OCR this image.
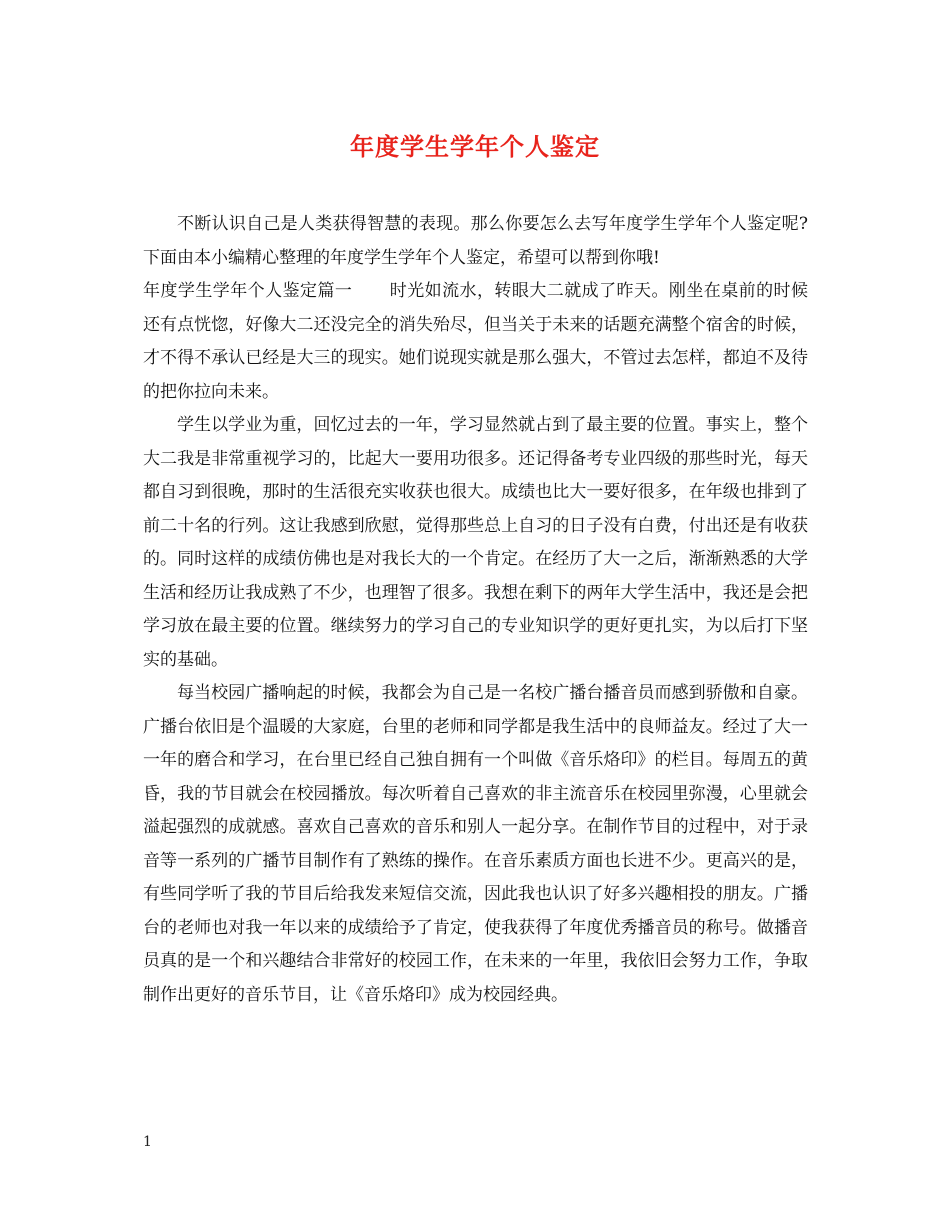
年度学生学年个人鉴定

不断认识自己是人类获得智慧的表现。那么你要怎么去写年度学生学年个人鉴定呢?下面由本小编精心整理的年度学生学年个人鉴定，希望可以帮到你哦!

年度学生学年个人鉴定篇一 时光如流水，转眼大二就成了昨天。刚坐在桌前的时候还有点恍惚，好像大二还没完全的消失殆尽，但当关于未来的话题充满整个宿舍的时候，才不得不承认已经是大三的现实。她们说现实就是那么强大，不管过去怎样，都迫不及待的把你拉向未来。

学生以学业为重，回忆过去的一年，学习显然就占到了最主要的位置。事实上，整个大二我是非常重视学习的，比起大一要用功很多。还记得备考专业四级的那些时光，每天都自习到很晚，那时的生活很充实收获也很大。成绩也比大一要好很多，在年级也排到了前二十名的行列。这让我感到欣慰，觉得那些总上自习的日子没有白费，付出还是有收获的。同时这样的成绩仿佛也是对我长大的一个肯定。在经历了大一之后，渐渐熟悉的大学生活和经历让我成熟了不少，也理智了很多。我想在剩下的两年大学生活中，我还是会把学习放在最主要的位置。继续努力的学习自己的专业知识学的更好更扎实，为以后打下坚实的基础。

每当校园广播响起的时候，我都会为自己是一名校广播台播音员而感到骄傲和自豪。广播台依旧是个温暖的大家庭，台里的老师和同学都是我生活中的良师益友。经过了大一一年的磨合和学习，在台里已经自己独自拥有一个叫做《音乐烙印》的栏目。每周五的黄昏，我的节目就会在校园播放。每次听着自己喜欢的非主流音乐在校园里弥漫，心里就会溢起强烈的成就感。喜欢自己喜欢的音乐和别人一起分享。在制作节目的过程中，对于录音等一系列的广播节目制作有了熟练的操作。在音乐素质方面也长进不少。更高兴的是，有些同学听了我的节目后给我发来短信交流，因此我也认识了好多兴趣相投的朋友。广播台的老师也对我一年以来的成绩给予了肯定，使我获得了年度优秀播音员的称号。做播音员真的是一个和兴趣结合非常好的校园工作，在未来的一年里，我依旧会努力工作，争取制作出更好的音乐节目，让《音乐烙印》成为校园经典。

1
